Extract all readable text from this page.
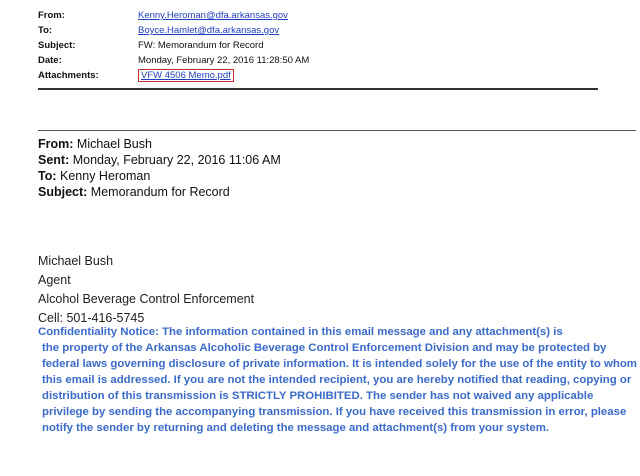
From:	Kenny.Heroman@dfa.arkansas.gov
To:	Boyce.Hamlet@dfa.arkansas.gov
Subject:	FW: Memorandum for Record
Date:	Monday, February 22, 2016 11:28:50 AM
Attachments:	VFW 4506 Memo.pdf
From: Michael Bush
Sent: Monday, February 22, 2016 11:06 AM
To: Kenny Heroman
Subject: Memorandum for Record
Michael Bush
Agent
Alcohol Beverage Control Enforcement
Cell: 501-416-5745
Confidentiality Notice: The information contained in this email message and any attachment(s) is
the property of the Arkansas Alcoholic Beverage Control Enforcement Division and may be protected by federal laws governing disclosure of private information. It is intended solely for the use of the entity to whom this email is addressed. If you are not the intended recipient, you are hereby notified that reading, copying or distribution of this transmission is STRICTLY PROHIBITED. The sender has not waived any applicable privilege by sending the accompanying transmission. If you have received this transmission in error, please notify the sender by returning and deleting the message and attachment(s) from your system.
